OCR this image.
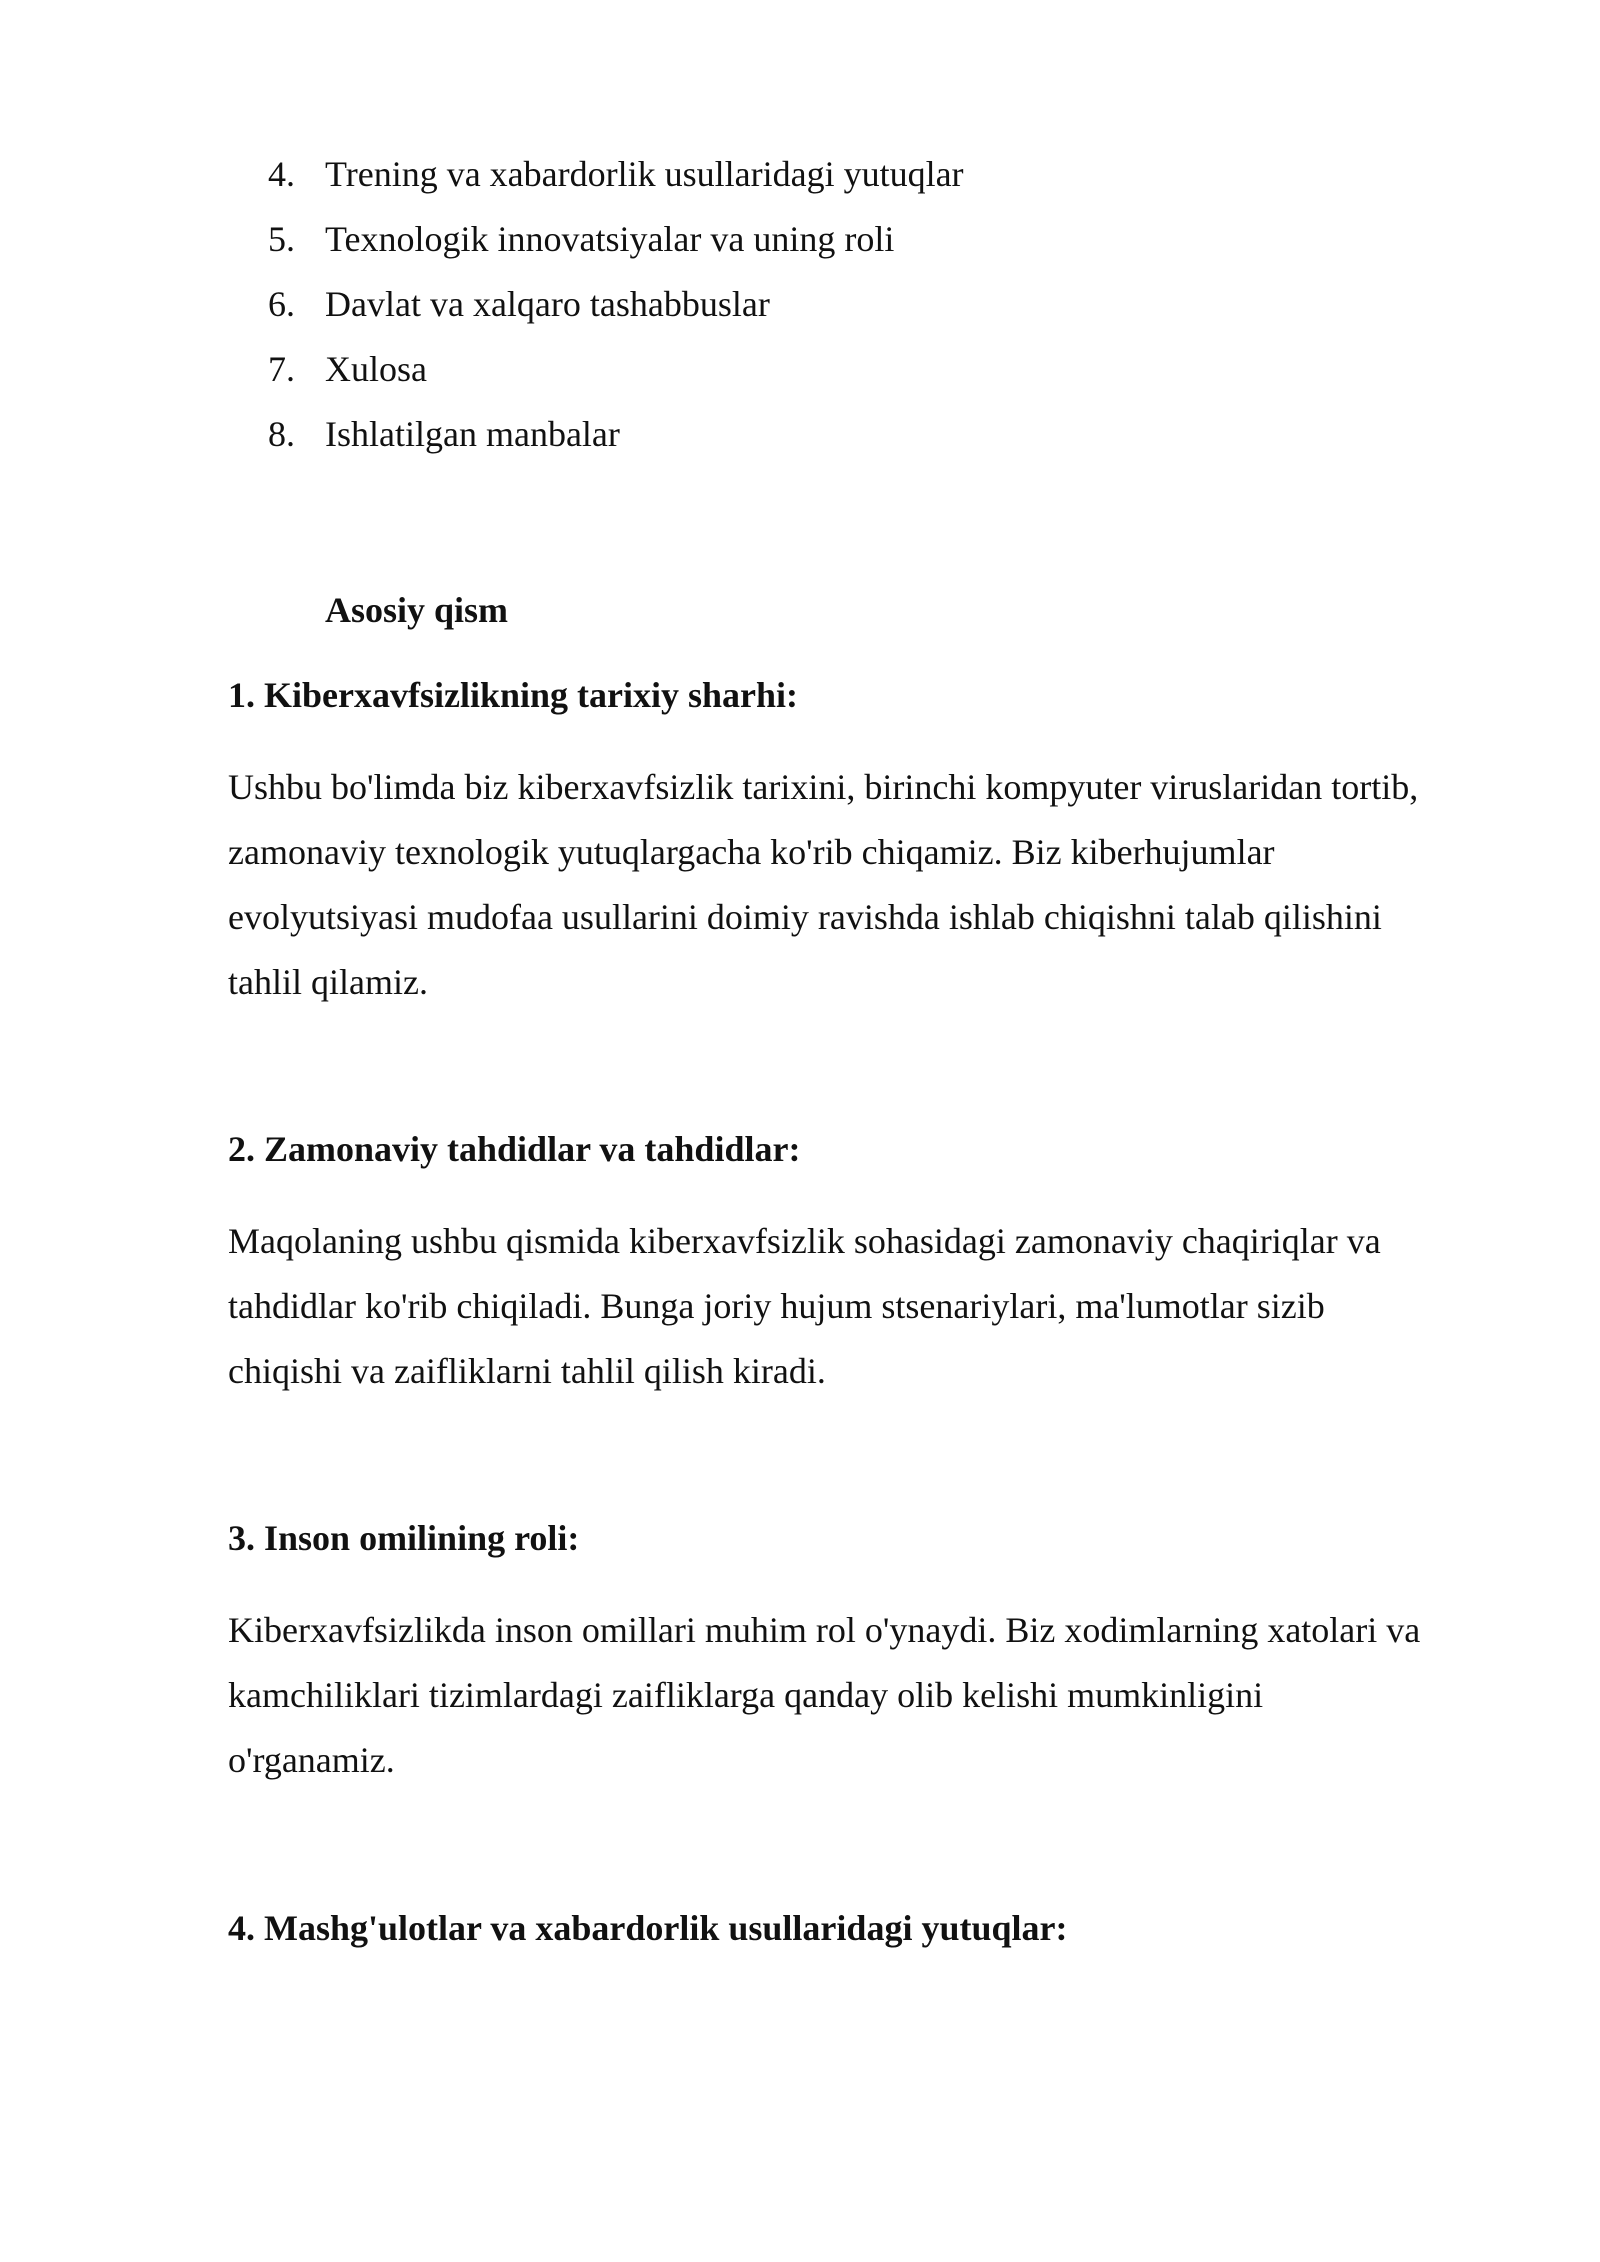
4. Trening va xabardorlik usullaridagi yutuqlar
5. Texnologik innovatsiyalar va uning roli
6. Davlat va xalqaro tashabbuslar
7. Xulosa
8. Ishlatilgan manbalar
Asosiy qism
1. Kiberxavfsizlikning tarixiy sharhi:

Ushbu bo'limda biz kiberxavfsizlik tarixini, birinchi kompyuter viruslaridan tortib,
zamonaviy texnologik yutuqlargacha ko'rib chiqamiz. Biz kiberhujumlar
evolyutsiyasi mudofaa usullarini doimiy ravishda ishlab chiqishni talab qilishini
tahlil qilamiz.

2. Zamonaviy tahdidlar va tahdidlar:

Maqolaning ushbu qismida kiberxavfsizlik sohasidagi zamonaviy chaqiriqlar va
tahdidlar ko'rib chiqiladi. Bunga joriy hujum stsenariylari, ma'lumotlar sizib
chiqishi va zaifliklarni tahlil qilish kiradi.

3. Inson omilining roli:

Kiberxavfsizlikda inson omillari muhim rol o'ynaydi. Biz xodimlarning xatolari va
kamchiliklari tizimlardagi zaifliklarga qanday olib kelishi mumkinligini
o'rganamiz.

4. Mashg'ulotlar va xabardorlik usullaridagi yutuqlar:
